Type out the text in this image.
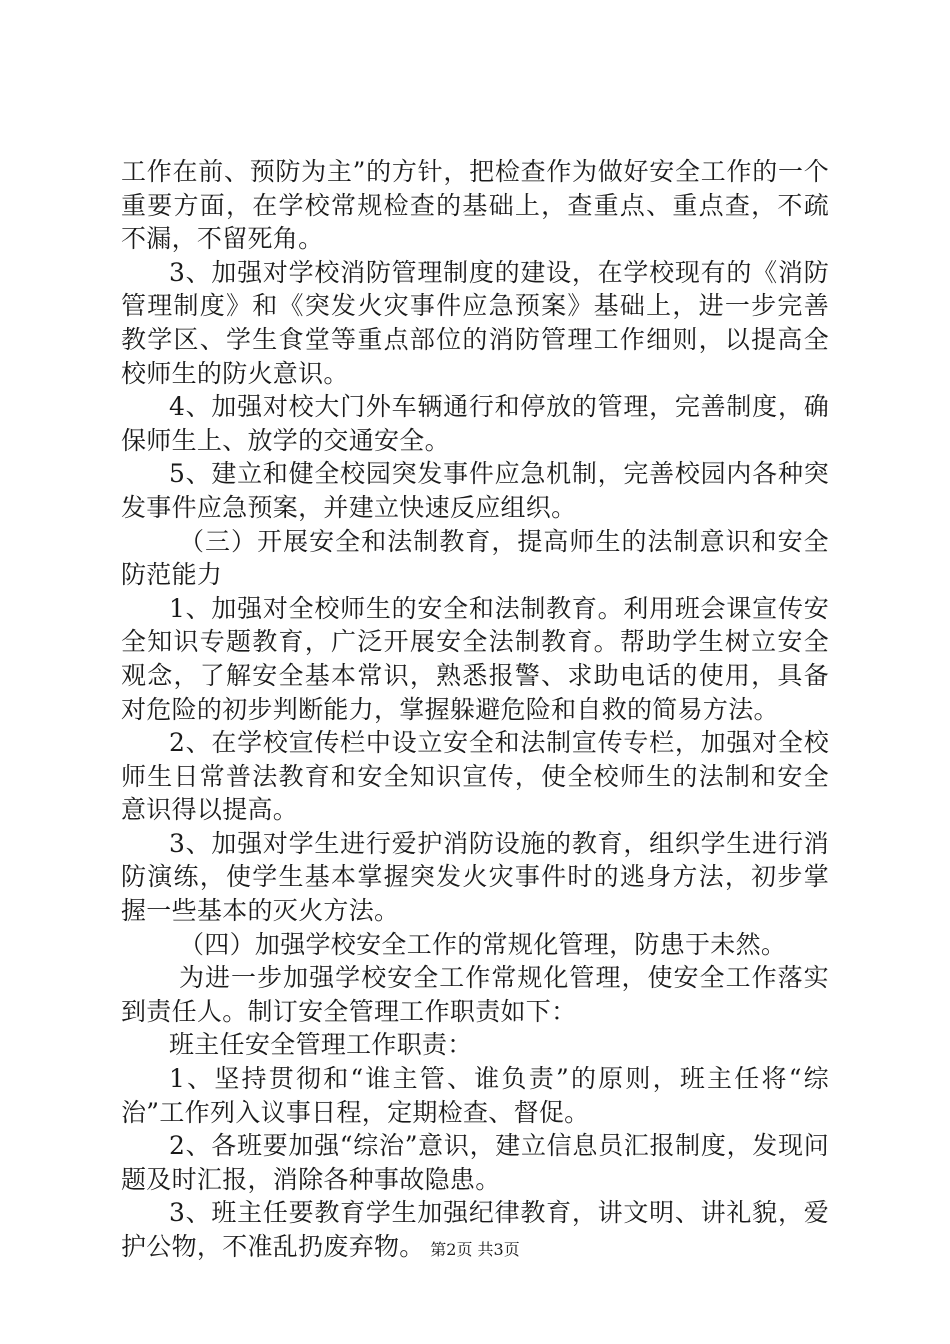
工作在前、预防为主”的方针，把检查作为做好安全工作的一个重要方面，在学校常规检查的基础上，查重点、重点查，不疏不漏，不留死角。

3、加强对学校消防管理制度的建设，在学校现有的《消防管理制度》和《突发火灾事件应急预案》基础上，进一步完善教学区、学生食堂等重点部位的消防管理工作细则，以提高全校师生的防火意识。

4、加强对校大门外车辆通行和停放的管理，完善制度，确保师生上、放学的交通安全。

5、建立和健全校园突发事件应急机制，完善校园内各种突发事件应急预案，并建立快速反应组织。

（三）开展安全和法制教育，提高师生的法制意识和安全防范能力

1、加强对全校师生的安全和法制教育。利用班会课宣传安全知识专题教育，广泛开展安全法制教育。帮助学生树立安全观念，了解安全基本常识，熟悉报警、求助电话的使用，具备对危险的初步判断能力，掌握躲避危险和自救的简易方法。

2、在学校宣传栏中设立安全和法制宣传专栏，加强对全校师生日常普法教育和安全知识宣传，使全校师生的法制和安全意识得以提高。

3、加强对学生进行爱护消防设施的教育，组织学生进行消防演练，使学生基本掌握突发火灾事件时的逃身方法，初步掌握一些基本的灭火方法。

（四）加强学校安全工作的常规化管理，防患于未然。

为进一步加强学校安全工作常规化管理，使安全工作落实到责任人。制订安全管理工作职责如下：

班主任安全管理工作职责：

1、坚持贯彻和“谁主管、谁负责”的原则，班主任将“综治”工作列入议事日程，定期检查、督促。

2、各班要加强“综治”意识，建立信息员汇报制度，发现问题及时汇报，消除各种事故隐患。

3、班主任要教育学生加强纪律教育，讲文明、讲礼貌，爱护公物，不准乱扔废弃物。 第2页 共3页
